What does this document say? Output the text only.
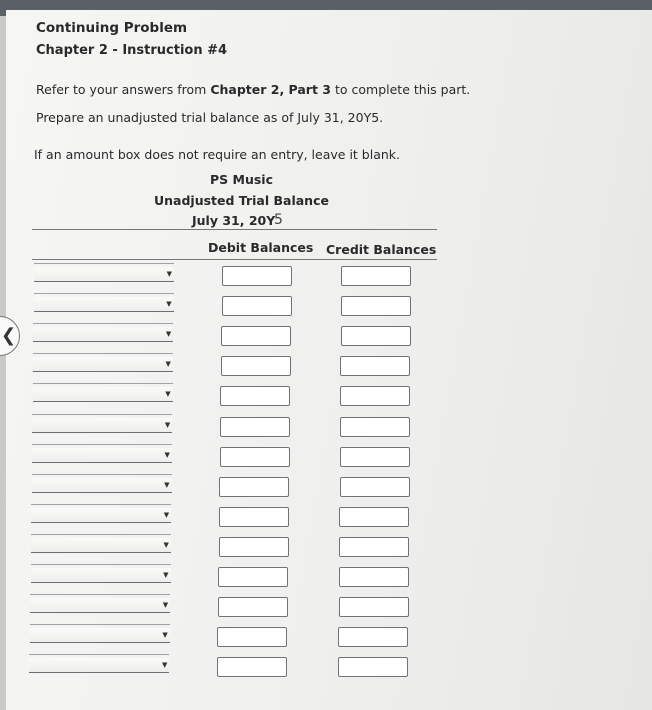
Continuing Problem
Chapter 2 - Instruction #4
Refer to your answers from Chapter 2, Part 3 to complete this part.
Prepare an unadjusted trial balance as of July 31, 20Y5.
If an amount box does not require an entry, leave it blank.
PS Music
Unadjusted Trial Balance
July 31, 20Y
5
Debit Balances Credit Balances
❮
▼
▼
▼
▼
▼
▼
▼
▼
▼
▼
▼
▼
▼
▼
